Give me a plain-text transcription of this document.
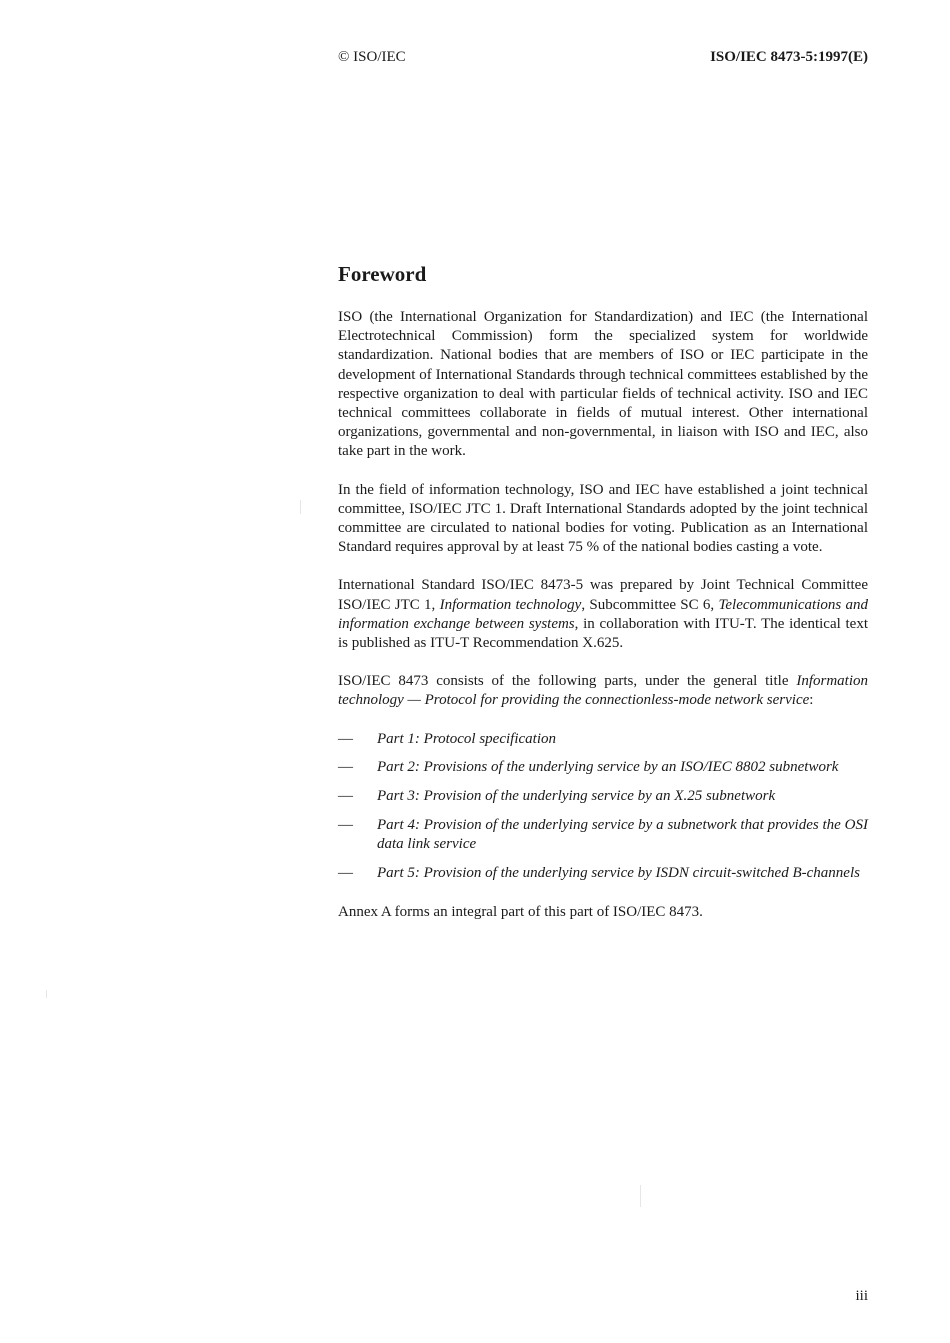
© ISO/IEC	ISO/IEC 8473-5:1997(E)
Foreword

ISO (the International Organization for Standardization) and IEC (the International Electrotechnical Commission) form the specialized system for worldwide standardization. National bodies that are members of ISO or IEC participate in the development of International Standards through technical committees established by the respective organization to deal with particular fields of technical activity. ISO and IEC technical committees collaborate in fields of mutual interest. Other international organizations, governmental and non-governmental, in liaison with ISO and IEC, also take part in the work.

In the field of information technology, ISO and IEC have established a joint technical committee, ISO/IEC JTC 1. Draft International Standards adopted by the joint technical committee are circulated to national bodies for voting. Publication as an International Standard requires approval by at least 75 % of the national bodies casting a vote.

International Standard ISO/IEC 8473-5 was prepared by Joint Technical Committee ISO/IEC JTC 1, Information technology, Subcommittee SC 6, Telecommunications and information exchange between systems, in collaboration with ITU-T. The identical text is published as ITU-T Recommendation X.625.

ISO/IEC 8473 consists of the following parts, under the general title Information technology — Protocol for providing the connectionless-mode network service:

— Part 1: Protocol specification
— Part 2: Provisions of the underlying service by an ISO/IEC 8802 subnetwork
— Part 3: Provision of the underlying service by an X.25 subnetwork
— Part 4: Provision of the underlying service by a subnetwork that provides the OSI data link service
— Part 5: Provision of the underlying service by ISDN circuit-switched B-channels

Annex A forms an integral part of this part of ISO/IEC 8473.

iii
